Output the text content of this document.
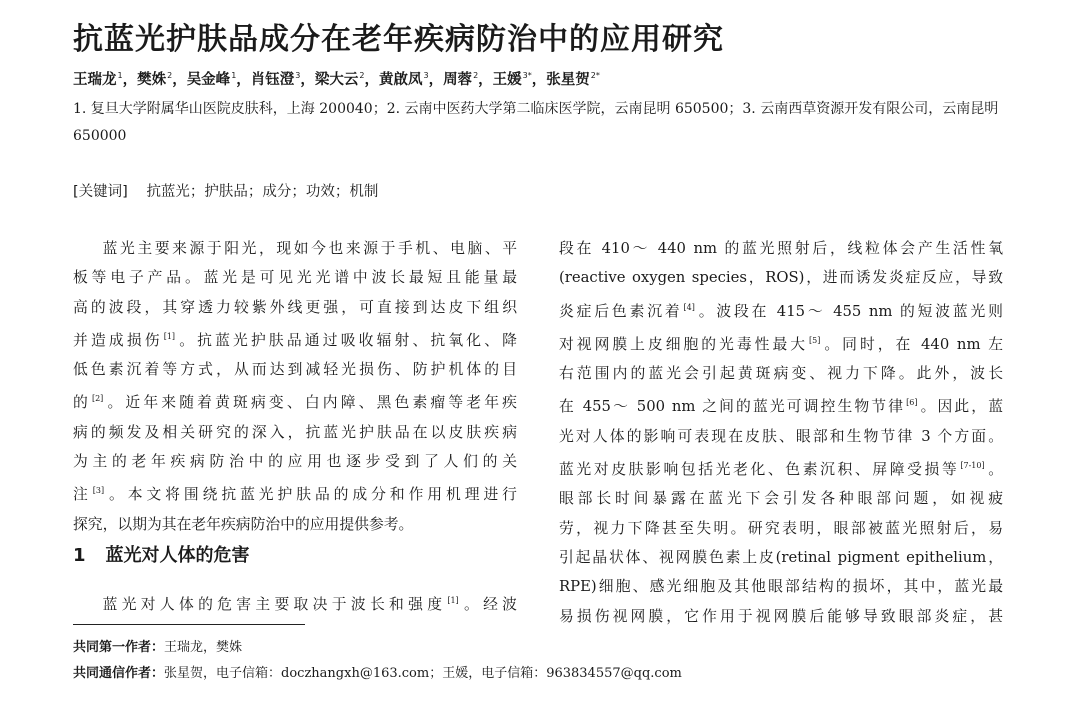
抗蓝光护肤品成分在老年疾病防治中的应用研究
王瑞龙$^1$，樊姝$^2$，吴金峰$^1$，肖钰澄$^3$，梁大云$^2$，黄啟凤$^3$，周蓉$^2$，王媛$^{3*}$，张星贺$^{2*}$
1. 复旦大学附属华山医院皮肤科，上海 200040；2. 云南中医药大学第二临床医学院，云南昆明 650500；3. 云南西草资源开发有限公司，云南昆明 650000
[关键词] 抗蓝光；护肤品；成分；功效；机制
蓝光主要来源于阳光，现如今也来源于手机、电脑、平
板等电子产品。蓝光是可见光光谱中波长最短且能量最
高的波段，其穿透力较紫外线更强，可直接到达皮下组织
并造成损伤[1]。抗蓝光护肤品通过吸收辐射、抗氧化、降
低色素沉着等方式，从而达到减轻光损伤、防护机体的目
的[2]。近年来随着黄斑病变、白内障、黑色素瘤等老年疾
病的频发及相关研究的深入，抗蓝光护肤品在以皮肤疾病
为主的老年疾病防治中的应用也逐步受到了人们的关
注[3]。本文将围绕抗蓝光护肤品的成分和作用机理进行
探究，以期为其在老年疾病防治中的应用提供参考。
1 蓝光对人体的危害
蓝光对人体的危害主要取决于波长和强度[1]。经波
段在 410～ 440 nm 的蓝光照射后，线粒体会产生活性氧
(reactive oxygen species，ROS)，进而诱发炎症反应，导致
炎症后色素沉着[4]。波段在 415～ 455 nm 的短波蓝光则
对视网膜上皮细胞的光毒性最大[5]。同时，在 440 nm 左
右范围内的蓝光会引起黄斑病变、视力下降。此外，波长
在 455～ 500 nm 之间的蓝光可调控生物节律[6]。因此，蓝
光对人体的影响可表现在皮肤、眼部和生物节律 3 个方面。
蓝光对皮肤影响包括光老化、色素沉积、屏障受损等[7-10]。
眼部长时间暴露在蓝光下会引发各种眼部问题，如视疲
劳，视力下降甚至失明。研究表明，眼部被蓝光照射后，易
引起晶状体、视网膜色素上皮(retinal pigment epithelium，
RPE)细胞、感光细胞及其他眼部结构的损坏，其中，蓝光最
易损伤视网膜，它作用于视网膜后能够导致眼部炎症，甚
共同第一作者：王瑞龙，樊姝
共同通信作者：张星贺，电子信箱：doczhangxh@163.com；王媛，电子信箱：963834557@qq.com
